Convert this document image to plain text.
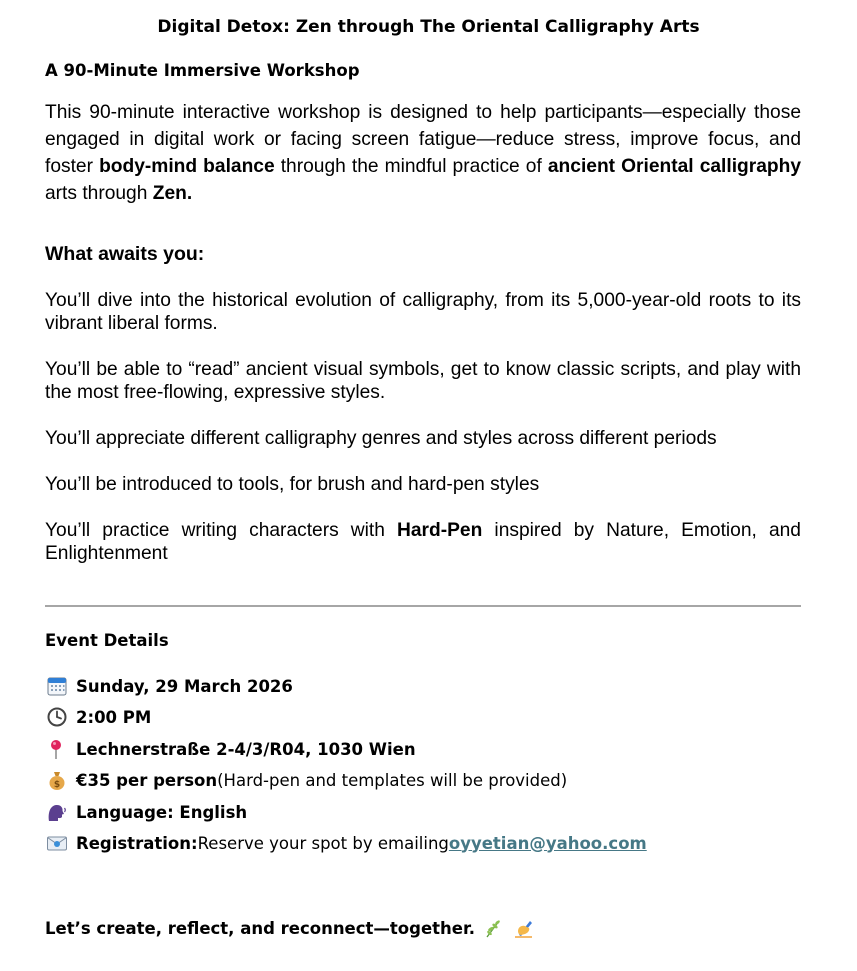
Digital Detox: Zen through The Oriental Calligraphy Arts
A 90-Minute Immersive Workshop
This 90-minute interactive workshop is designed to help participants—especially those engaged in digital work or facing screen fatigue—reduce stress, improve focus, and foster body-mind balance through the mindful practice of ancient Oriental calligraphy arts through Zen.
What awaits you:
You’ll dive into the historical evolution of calligraphy, from its 5,000-year-old roots to its vibrant liberal forms.
You’ll be able to “read” ancient visual symbols, get to know classic scripts, and play with the most free-flowing, expressive styles.
You’ll appreciate different calligraphy genres and styles across different periods
You’ll be introduced to tools, for brush and hard-pen styles
You’ll practice writing characters with Hard-Pen inspired by Nature, Emotion, and Enlightenment
Event Details
Sunday, 29 March 2026
2:00 PM
Lechnerstraße 2-4/3/R04, 1030 Wien
$ €35 per person (Hard-pen and templates will be provided)
Language: English
Registration: Reserve your spot by emailing oyyetian@yahoo.com
Let’s create, reflect, and reconnect—together.
